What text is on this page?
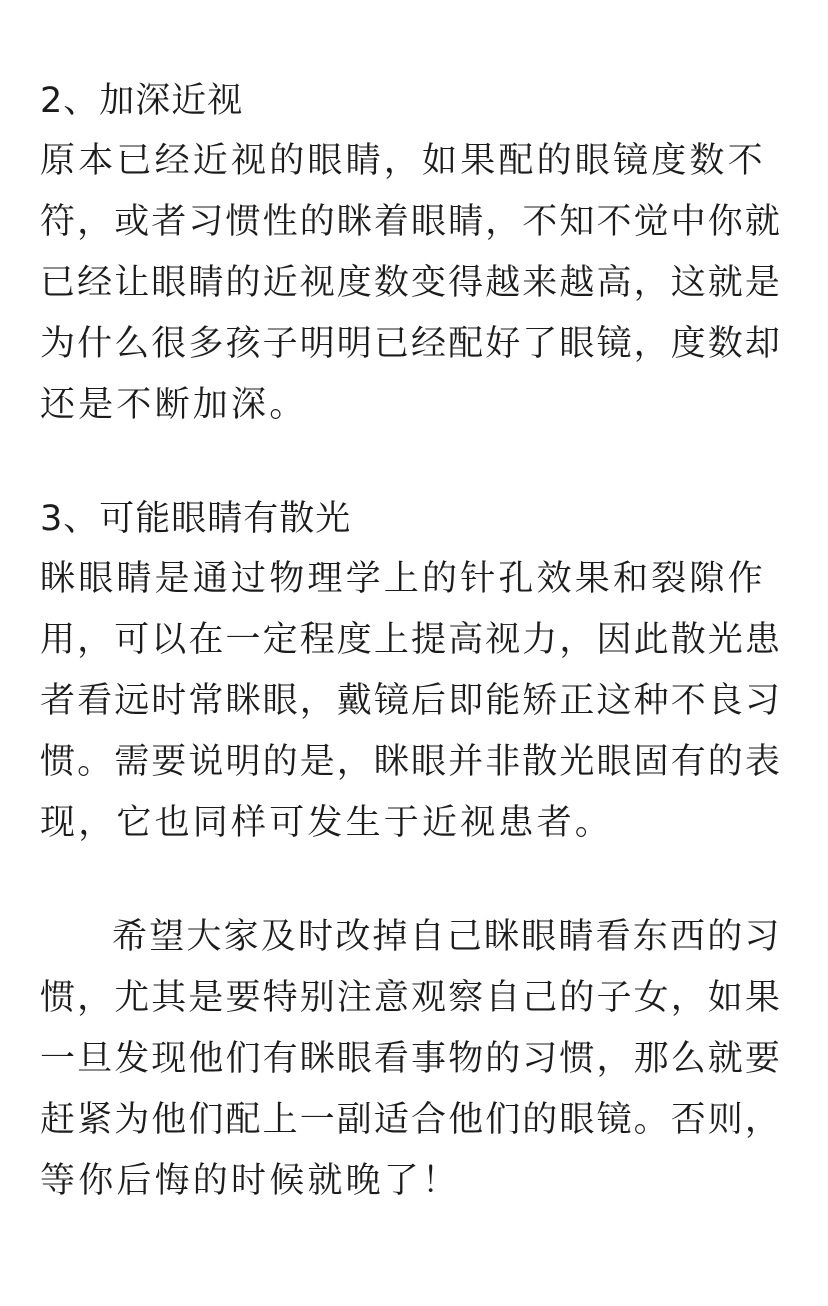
2、加深近视
原本已经近视的眼睛，如果配的眼镜度数不
符，或者习惯性的眯着眼睛，不知不觉中你就
已经让眼睛的近视度数变得越来越高，这就是
为什么很多孩子明明已经配好了眼镜，度数却
还是不断加深。
3、可能眼睛有散光
眯眼睛是通过物理学上的针孔效果和裂隙作
用，可以在一定程度上提高视力，因此散光患
者看远时常眯眼，戴镜后即能矫正这种不良习
惯。需要说明的是，眯眼并非散光眼固有的表
现，它也同样可发生于近视患者。
希望大家及时改掉自己眯眼睛看东西的习
惯，尤其是要特别注意观察自己的子女，如果
一旦发现他们有眯眼看事物的习惯，那么就要
赶紧为他们配上一副适合他们的眼镜。否则，
等你后悔的时候就晚了！
